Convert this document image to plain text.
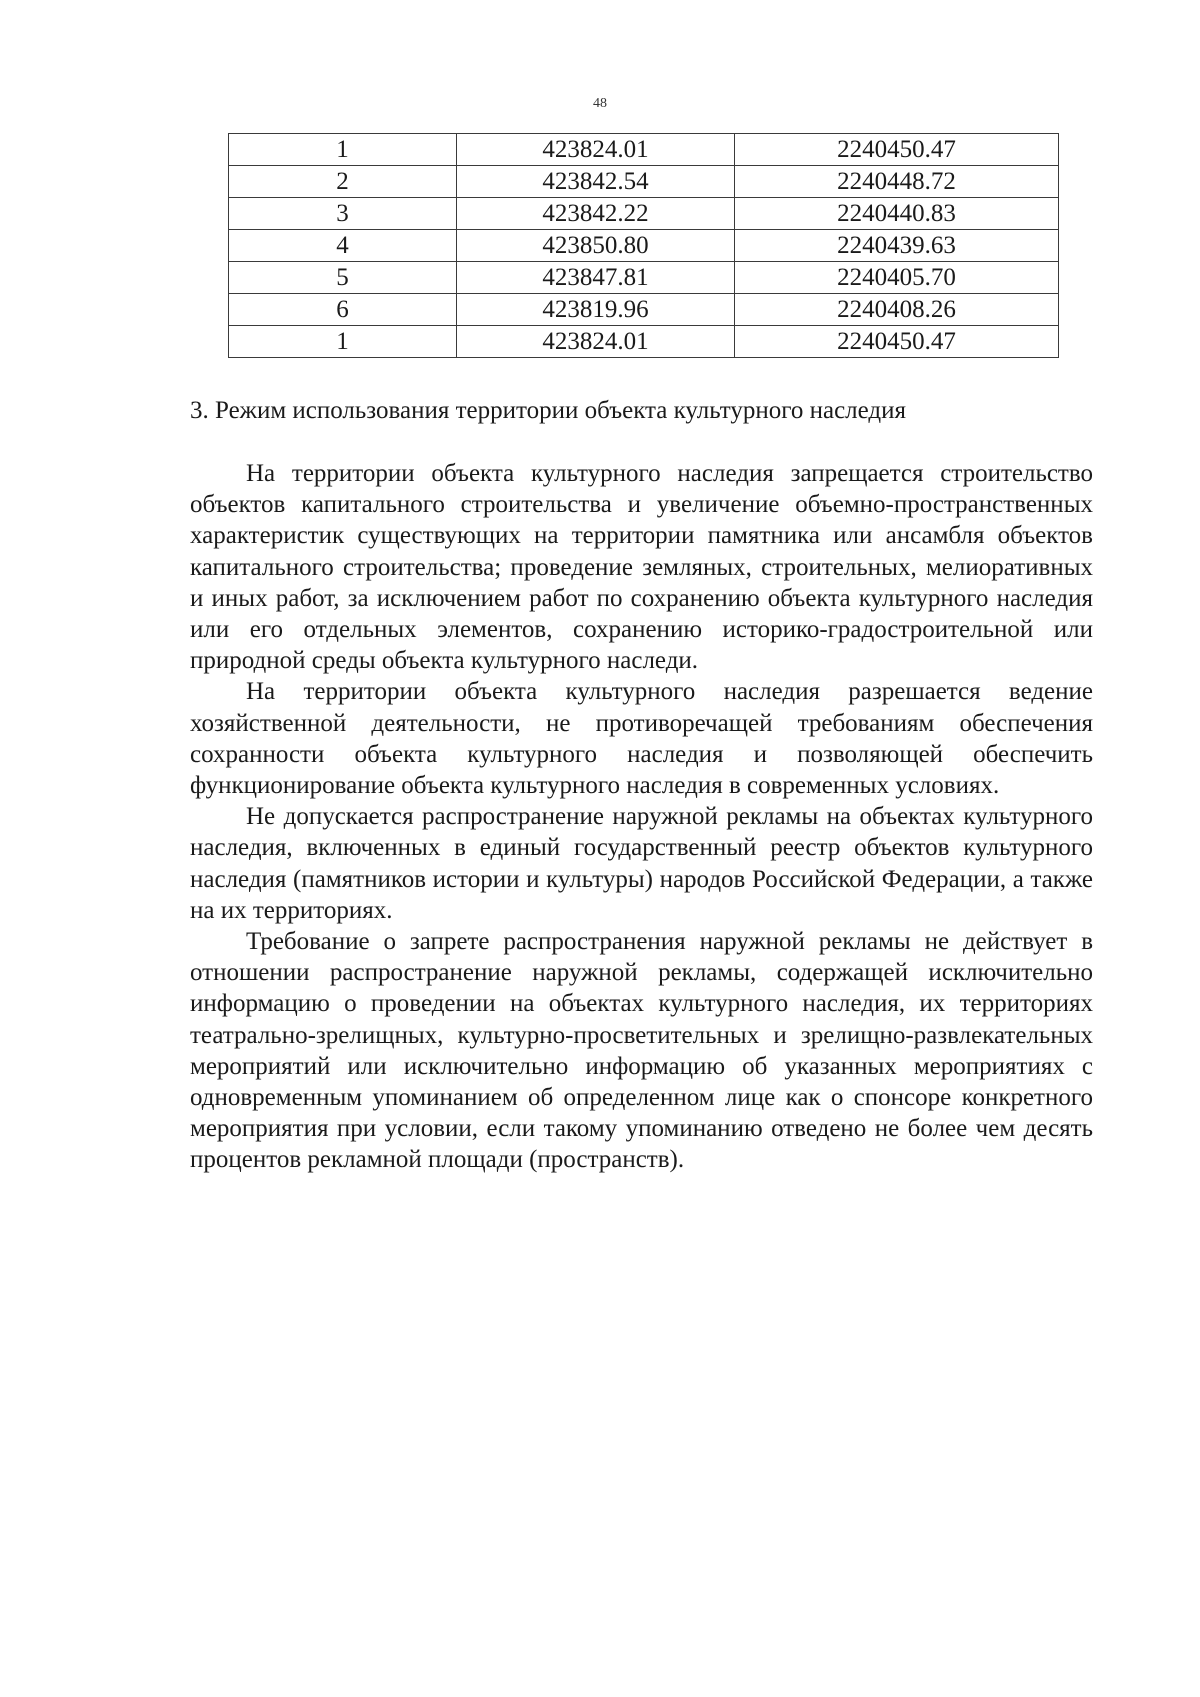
48
1	423824.01	2240450.47
2	423842.54	2240448.72
3	423842.22	2240440.83
4	423850.80	2240439.63
5	423847.81	2240405.70
6	423819.96	2240408.26
1	423824.01	2240450.47
3. Режим использования территории объекта культурного наследия

На территории объекта культурного наследия запрещается строительство объектов капитального строительства и увеличение объемно-пространственных характеристик существующих на территории памятника или ансамбля объектов капитального строительства; проведение земляных, строительных, мелиоративных и иных работ, за исключением работ по сохранению объекта культурного наследия или его отдельных элементов, сохранению историко-градостроительной или природной среды объекта культурного наследи.

На территории объекта культурного наследия разрешается ведение хозяйственной деятельности, не противоречащей требованиям обеспечения сохранности объекта культурного наследия и позволяющей обеспечить функционирование объекта культурного наследия в современных условиях.

Не допускается распространение наружной рекламы на объектах культурного наследия, включенных в единый государственный реестр объектов культурного наследия (памятников истории и культуры) народов Российской Федерации, а также на их территориях.

Требование о запрете распространения наружной рекламы не действует в отношении распространение наружной рекламы, содержащей исключительно информацию о проведении на объектах культурного наследия, их территориях театрально-зрелищных, культурно-просветительных и зрелищно-развлекательных мероприятий или исключительно информацию об указанных мероприятиях с одновременным упоминанием об определенном лице как о спонсоре конкретного мероприятия при условии, если такому упоминанию отведено не более чем десять процентов рекламной площади (пространств).
